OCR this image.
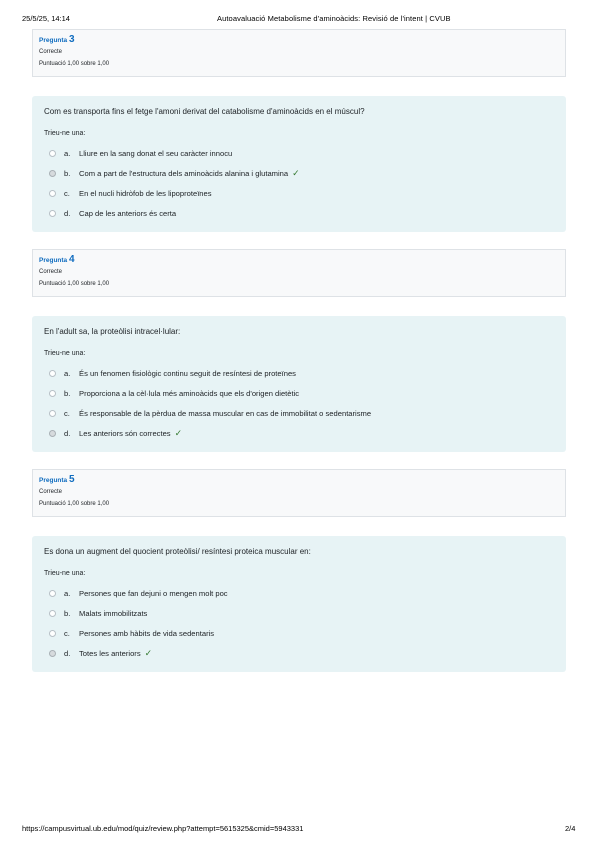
25/5/25, 14:14	Autoavaluació Metabolisme d'aminoàcids: Revisió de l'intent | CVUB
Pregunta 3
Correcte
Puntuació 1,00 sobre 1,00
Com es transporta fins el fetge l'amoni derivat del catabolisme d'aminoàcids en el múscul?
Trieu-ne una:
a.	Lliure en la sang donat el seu caràcter innocu
b.	Com a part de l'estructura dels aminoàcids alanina i glutamina ✓
c.	En el nucli hidròfob de les lipoproteïnes
d.	Cap de les anteriors és certa
Pregunta 4
Correcte
Puntuació 1,00 sobre 1,00
En l'adult sa, la proteòlisi intracel·lular:
Trieu-ne una:
a.	És un fenomen fisiològic continu seguit de resíntesi de proteïnes
b.	Proporciona a la cèl·lula més aminoàcids que els d'origen dietètic
c.	És responsable de la pèrdua de massa muscular en cas de immobilitat o sedentarisme
d.	Les anteriors són correctes ✓
Pregunta 5
Correcte
Puntuació 1,00 sobre 1,00
Es dona un augment del quocient proteòlisi/ resíntesi proteica muscular en:
Trieu-ne una:
a.	Persones que fan dejuni o mengen molt poc
b.	Malats immobilitzats
c.	Persones amb hàbits de vida sedentaris
d.	Totes les anteriors ✓
https://campusvirtual.ub.edu/mod/quiz/review.php?attempt=5615325&cmid=5943331	2/4
